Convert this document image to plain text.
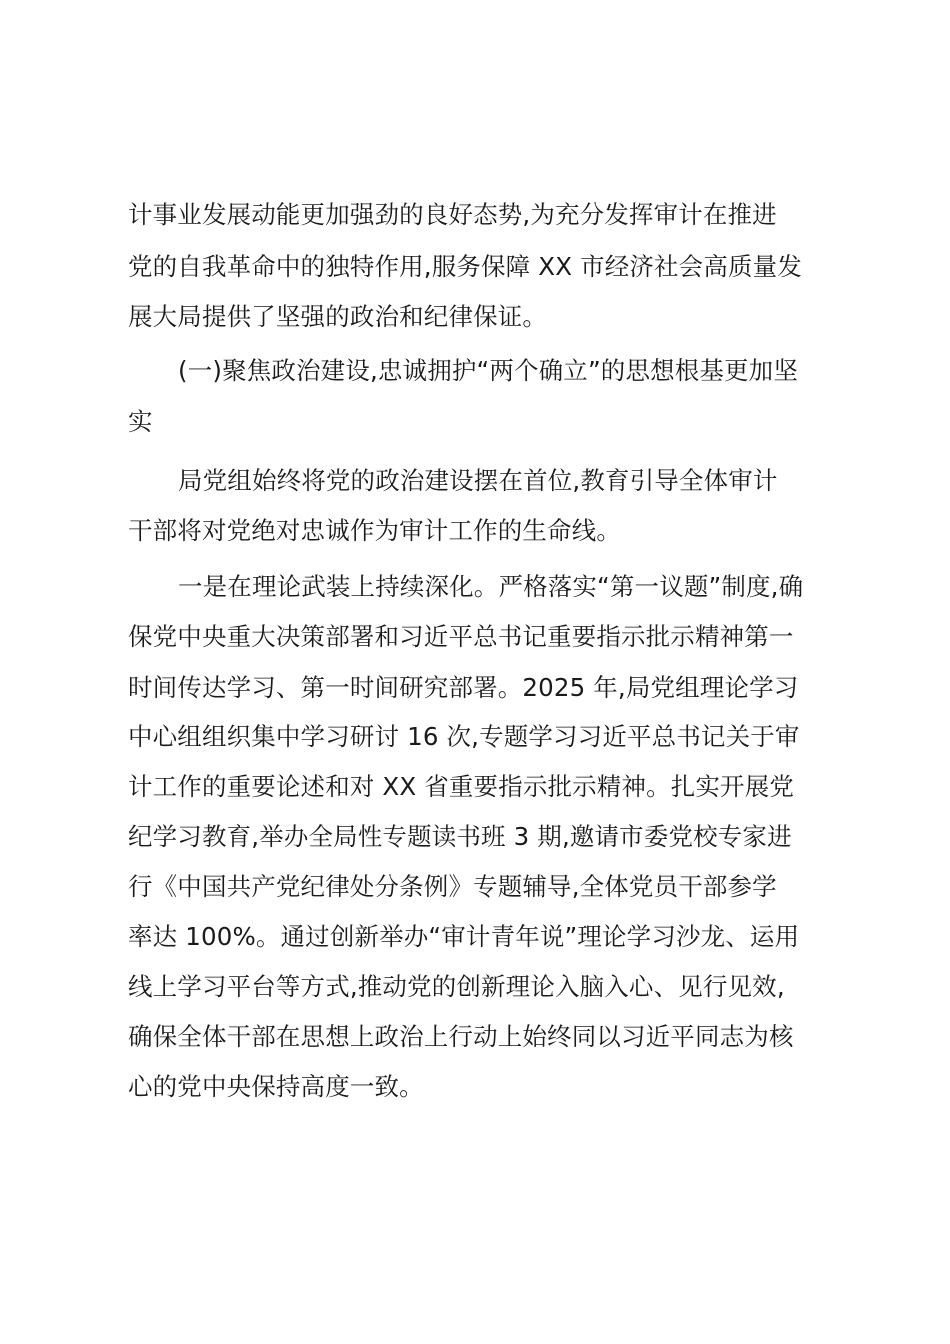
计事业发展动能更加强劲的良好态势,为充分发挥审计在推进
党的自我革命中的独特作用,服务保障 XX 市经济社会高质量发
展大局提供了坚强的政治和纪律保证。
(一)聚焦政治建设,忠诚拥护“两个确立”的思想根基更加坚
实
局党组始终将党的政治建设摆在首位,教育引导全体审计
干部将对党绝对忠诚作为审计工作的生命线。
一是在理论武装上持续深化。严格落实“第一议题”制度,确
保党中央重大决策部署和习近平总书记重要指示批示精神第一
时间传达学习、第一时间研究部署。2025 年,局党组理论学习
中心组组织集中学习研讨 16 次,专题学习习近平总书记关于审
计工作的重要论述和对 XX 省重要指示批示精神。扎实开展党
纪学习教育,举办全局性专题读书班 3 期,邀请市委党校专家进
行《中国共产党纪律处分条例》专题辅导,全体党员干部参学
率达 100%。通过创新举办“审计青年说”理论学习沙龙、运用
线上学习平台等方式,推动党的创新理论入脑入心、见行见效,
确保全体干部在思想上政治上行动上始终同以习近平同志为核
心的党中央保持高度一致。
